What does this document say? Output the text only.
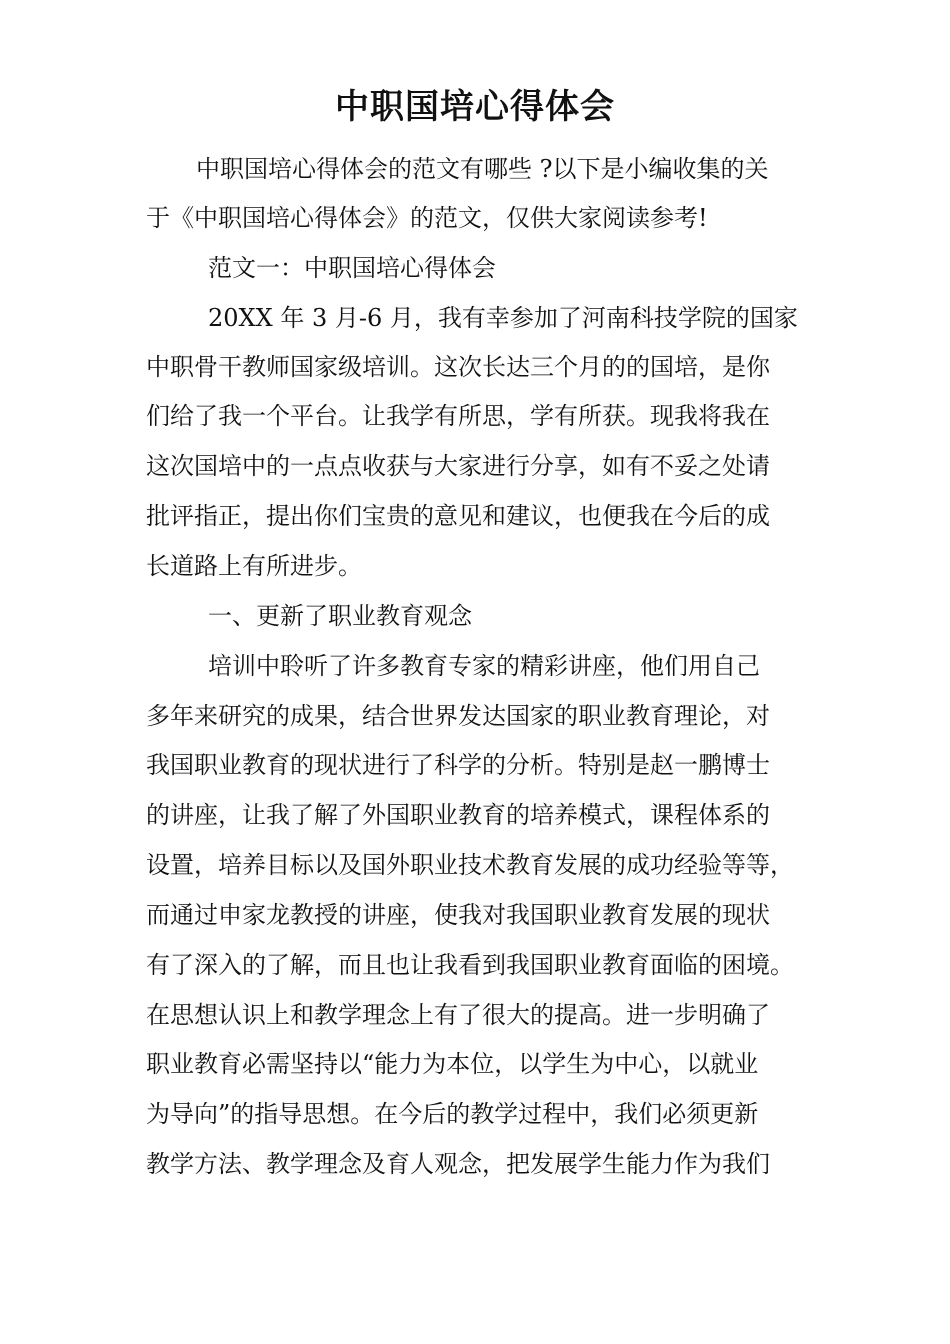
中职国培心得体会
中职国培心得体会的范文有哪些 ?以下是小编收集的关
于《中职国培心得体会》的范文，仅供大家阅读参考!
范文一：中职国培心得体会
20XX 年 3 月-6 月，我有幸参加了河南科技学院的国家
中职骨干教师国家级培训。这次长达三个月的的国培，是你
们给了我一个平台。让我学有所思，学有所获。现我将我在
这次国培中的一点点收获与大家进行分享，如有不妥之处请
批评指正，提出你们宝贵的意见和建议，也便我在今后的成
长道路上有所进步。
一、更新了职业教育观念
培训中聆听了许多教育专家的精彩讲座，他们用自己
多年来研究的成果，结合世界发达国家的职业教育理论，对
我国职业教育的现状进行了科学的分析。特别是赵一鹏博士
的讲座，让我了解了外国职业教育的培养模式，课程体系的
设置，培养目标以及国外职业技术教育发展的成功经验等等，
而通过申家龙教授的讲座，使我对我国职业教育发展的现状
有了深入的了解，而且也让我看到我国职业教育面临的困境。
在思想认识上和教学理念上有了很大的提高。进一步明确了
职业教育必需坚持以“能力为本位，以学生为中心，以就业
为导向”的指导思想。在今后的教学过程中，我们必须更新
教学方法、教学理念及育人观念，把发展学生能力作为我们
